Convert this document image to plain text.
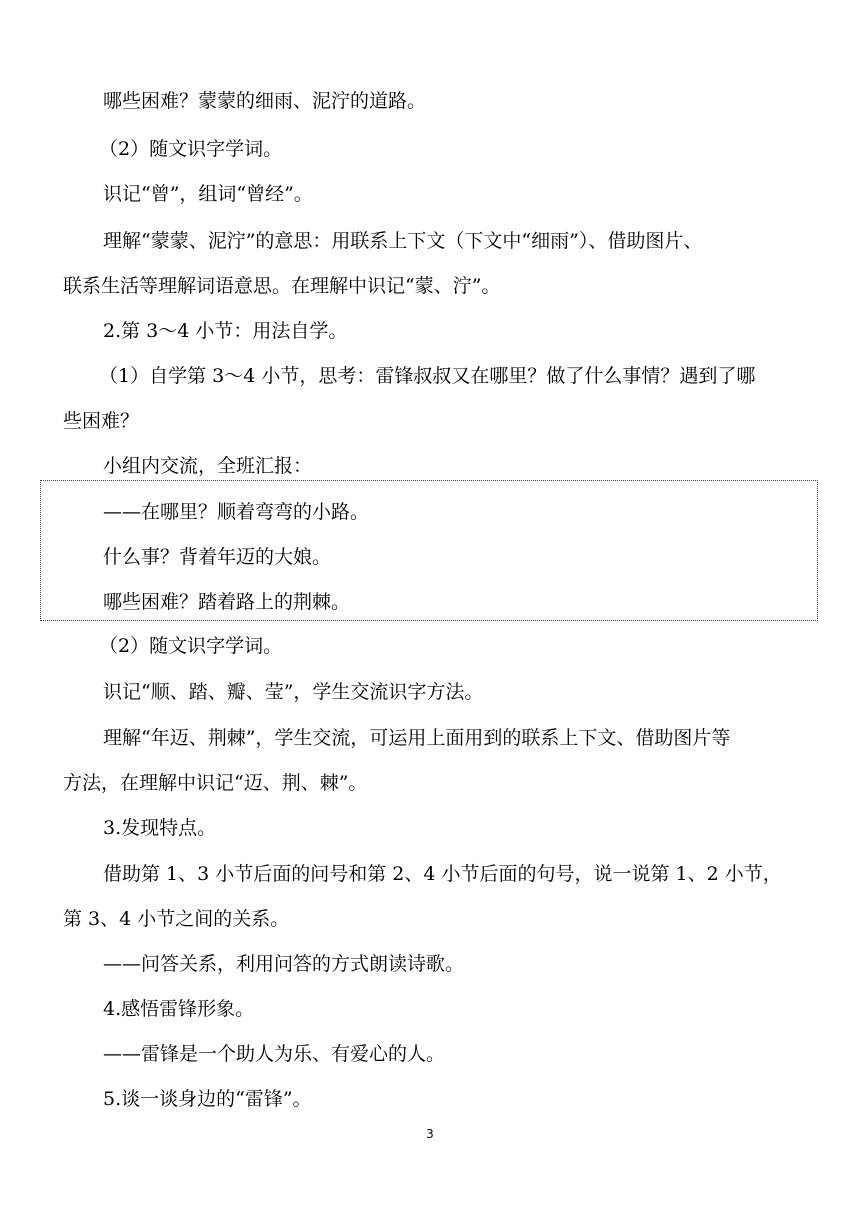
哪些困难？蒙蒙的细雨、泥泞的道路。
（2）随文识字学词。
识记“曾”，组词“曾经”。
理解“蒙蒙、泥泞”的意思：用联系上下文（下文中“细雨”）、借助图片、
联系生活等理解词语意思。在理解中识记“蒙、泞”。
2.第 3～4 小节：用法自学。
（1）自学第 3～4 小节，思考：雷锋叔叔又在哪里？做了什么事情？遇到了哪
些困难？
小组内交流，全班汇报：
——在哪里？顺着弯弯的小路。
什么事？背着年迈的大娘。
哪些困难？踏着路上的荆棘。
（2）随文识字学词。
识记“顺、踏、瓣、莹”，学生交流识字方法。
理解“年迈、荆棘”，学生交流，可运用上面用到的联系上下文、借助图片等
方法，在理解中识记“迈、荆、棘”。
3.发现特点。
借助第 1、3 小节后面的问号和第 2、4 小节后面的句号，说一说第 1、2 小节，
第 3、4 小节之间的关系。
——问答关系，利用问答的方式朗读诗歌。
4.感悟雷锋形象。
——雷锋是一个助人为乐、有爱心的人。
5.谈一谈身边的“雷锋”。
3
